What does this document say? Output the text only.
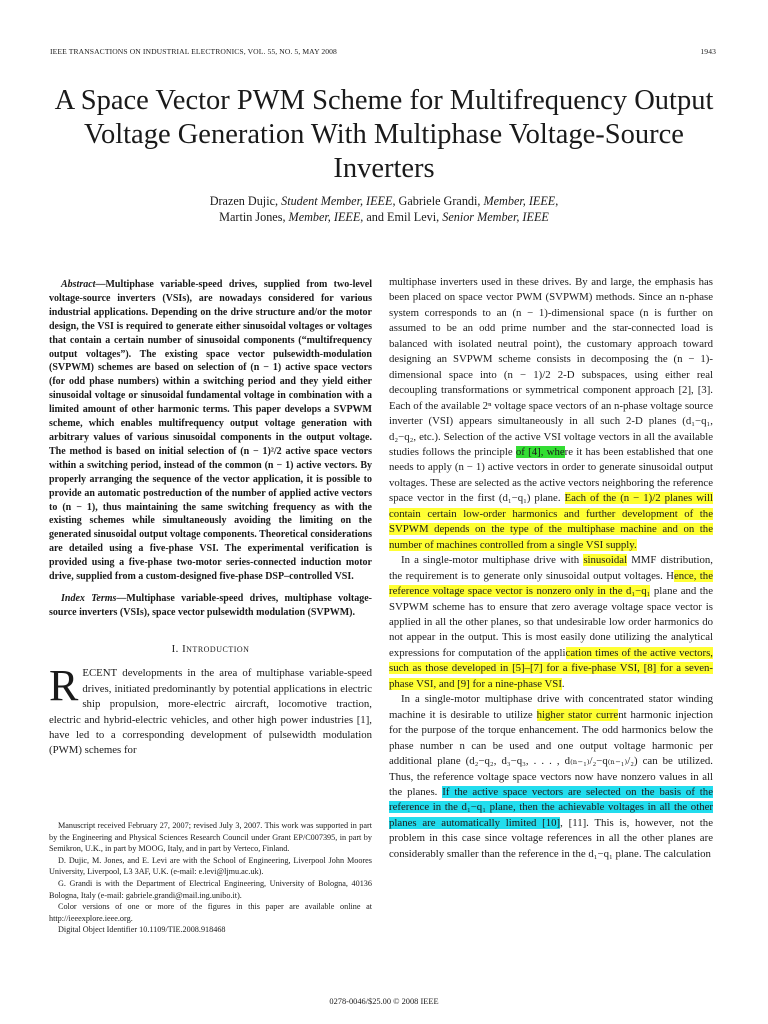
IEEE TRANSACTIONS ON INDUSTRIAL ELECTRONICS, VOL. 55, NO. 5, MAY 2008	1943
A Space Vector PWM Scheme for Multifrequency Output Voltage Generation With Multiphase Voltage-Source Inverters
Drazen Dujic, Student Member, IEEE, Gabriele Grandi, Member, IEEE,
Martin Jones, Member, IEEE, and Emil Levi, Senior Member, IEEE

Abstract—Multiphase variable-speed drives, supplied from two-level voltage-source inverters (VSIs), are nowadays considered for various industrial applications. Depending on the drive structure and/or the motor design, the VSI is required to generate either sinusoidal voltages or voltages that contain a certain number of sinusoidal components (“multifrequency output voltages”). The existing space vector pulsewidth-modulation (SVPWM) schemes are based on selection of (n − 1) active space vectors (for odd phase numbers) within a switching period and they yield either sinusoidal voltage or sinusoidal fundamental voltage in combination with a limited amount of other harmonic terms. This paper develops a SVPWM scheme, which enables multifrequency output voltage generation with arbitrary values of various sinusoidal components in the output voltage. The method is based on initial selection of (n − 1)²/2 active space vectors within a switching period, instead of the common (n − 1) active vectors. By properly arranging the sequence of the vector application, it is possible to provide an automatic postreduction of the number of applied active vectors to (n − 1), thus maintaining the same switching frequency as with the existing schemes while simultaneously avoiding the limiting on the generated sinusoidal output voltage components. Theoretical considerations are detailed using a five-phase VSI. The experimental verification is provided using a five-phase two-motor series-connected induction motor drive, supplied from a custom-designed five-phase DSP–controlled VSI.

Index Terms—Multiphase variable-speed drives, multiphase voltage-source inverters (VSIs), space vector pulsewidth modulation (SVPWM).

I. Introduction

RECENT developments in the area of multiphase variable-speed drives, initiated predominantly by potential applications in electric ship propulsion, more-electric aircraft, locomotive traction, electric and hybrid-electric vehicles, and other high power industries [1], have led to a corresponding development of pulsewidth modulation (PWM) schemes for

Manuscript received February 27, 2007; revised July 3, 2007. This work was supported in part by the Engineering and Physical Sciences Research Council under Grant EP/C007395, in part by Semikron, U.K., in part by MOOG, Italy, and in part by Verteco, Finland.

D. Dujic, M. Jones, and E. Levi are with the School of Engineering, Liverpool John Moores University, Liverpool, L3 3AF, U.K. (e-mail: e.levi@ljmu.ac.uk).

G. Grandi is with the Department of Electrical Engineering, University of Bologna, 40136 Bologna, Italy (e-mail: gabriele.grandi@mail.ing.unibo.it).

Color versions of one or more of the figures in this paper are available online at http://ieeexplore.ieee.org.

Digital Object Identifier 10.1109/TIE.2008.918468

multiphase inverters used in these drives. By and large, the emphasis has been placed on space vector PWM (SVPWM) methods. Since an n-phase system corresponds to an (n − 1)-dimensional space (n is further on assumed to be an odd prime number and the star-connected load is balanced with isolated neutral point), the customary approach toward designing an SVPWM scheme consists in decomposing the (n − 1)-dimensional space into (n − 1)/2 2-D subspaces, using either real decoupling transformations or symmetrical component approach [2], [3]. Each of the available 2ⁿ voltage space vectors of an n-phase voltage source inverter (VSI) appears simultaneously in all such 2-D planes (d₁−q₁, d₂−q₂, etc.). Selection of the active VSI voltage vectors in all the available studies follows the principle of [4], where it has been established that one needs to apply (n − 1) active vectors in order to generate sinusoidal output voltages. These are selected as the active vectors neighboring the reference space vector in the first (d₁−q₁) plane. Each of the (n − 1)/2 planes will contain certain low-order harmonics and further development of the SVPWM depends on the type of the multiphase machine and on the number of machines controlled from a single VSI supply.

In a single-motor multiphase drive with sinusoidal MMF distribution, the requirement is to generate only sinusoidal output voltages. Hence, the reference voltage space vector is nonzero only in the d₁−q₁ plane and the SVPWM scheme has to ensure that zero average voltage space vector is applied in all the other planes, so that undesirable low order harmonics do not appear in the output. This is most easily done utilizing the analytical expressions for computation of the application times of the active vectors, such as those developed in [5]–[7] for a five-phase VSI, [8] for a seven-phase VSI, and [9] for a nine-phase VSI.

In a single-motor multiphase drive with concentrated stator winding machine it is desirable to utilize higher stator current harmonic injection for the purpose of the torque enhancement. The odd harmonics below the phase number n can be used and one output voltage harmonic per additional plane (d₂−q₂, d₃−q₃, . . . , d₍ₙ₋₁₎/₂−q₍ₙ₋₁₎/₂) can be utilized. Thus, the reference voltage space vectors now have nonzero values in all the planes. If the active space vectors are selected on the basis of the reference in the d₁−q₁ plane, then the achievable voltages in all the other planes are automatically limited [10], [11]. This is, however, not the problem in this case since voltage references in all the other planes are considerably smaller than the reference in the d₁−q₁ plane. The calculation

0278-0046/$25.00 © 2008 IEEE
